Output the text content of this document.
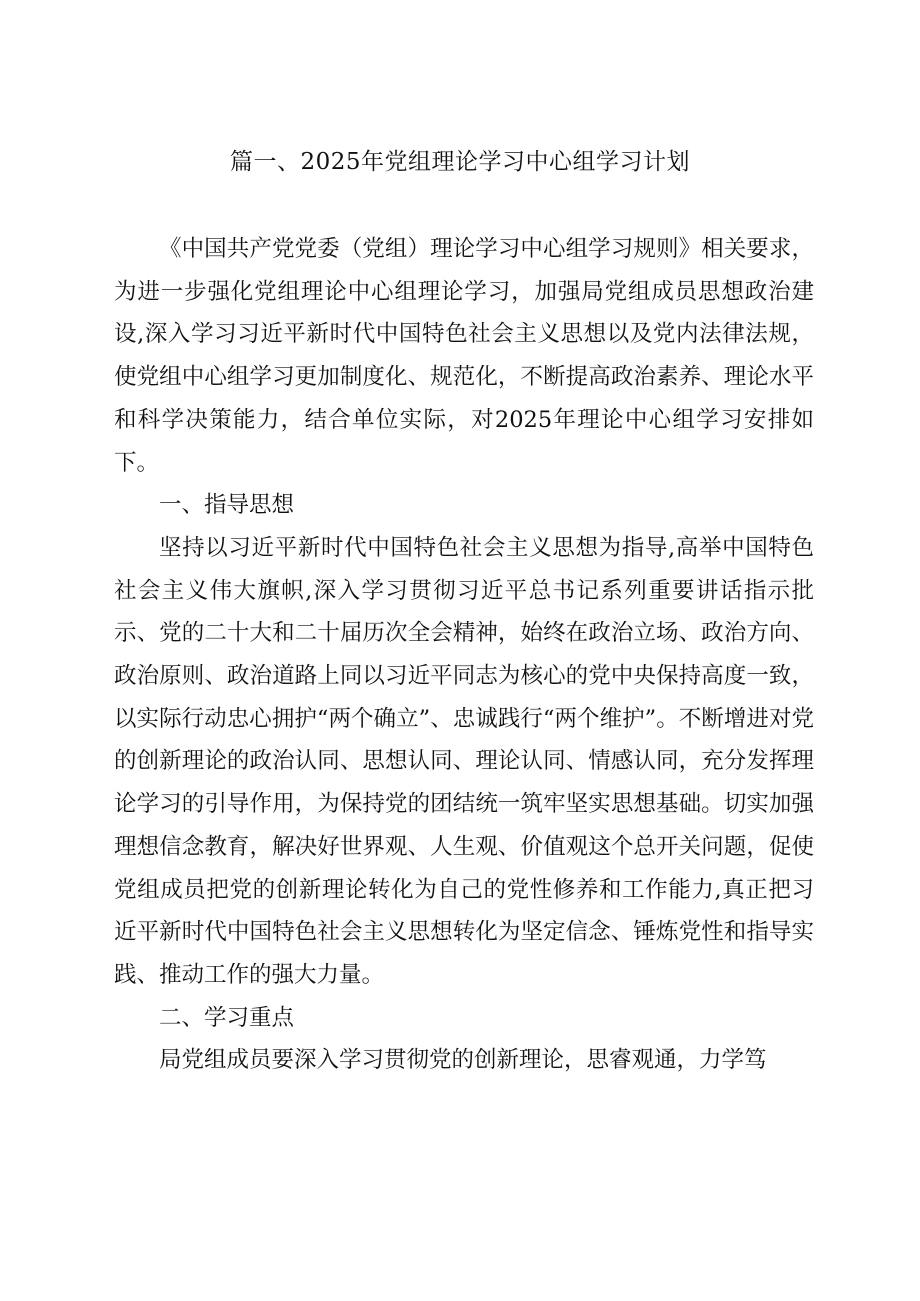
篇一、2025年党组理论学习中心组学习计划

《中国共产党党委（党组）理论学习中心组学习规则》相关要求，为进一步强化党组理论中心组理论学习，加强局党组成员思想政治建设,深入学习习近平新时代中国特色社会主义思想以及党内法律法规，使党组中心组学习更加制度化、规范化，不断提高政治素养、理论水平和科学决策能力，结合单位实际，对2025年理论中心组学习安排如下。

一、指导思想

坚持以习近平新时代中国特色社会主义思想为指导,高举中国特色社会主义伟大旗帜,深入学习贯彻习近平总书记系列重要讲话指示批示、党的二十大和二十届历次全会精神，始终在政治立场、政治方向、政治原则、政治道路上同以习近平同志为核心的党中央保持高度一致，以实际行动忠心拥护“两个确立”、忠诚践行“两个维护”。不断增进对党的创新理论的政治认同、思想认同、理论认同、情感认同，充分发挥理论学习的引导作用，为保持党的团结统一筑牢坚实思想基础。切实加强理想信念教育，解决好世界观、人生观、价值观这个总开关问题，促使党组成员把党的创新理论转化为自己的党性修养和工作能力,真正把习近平新时代中国特色社会主义思想转化为坚定信念、锤炼党性和指导实践、推动工作的强大力量。

二、学习重点

局党组成员要深入学习贯彻党的创新理论，思睿观通，力学笃
